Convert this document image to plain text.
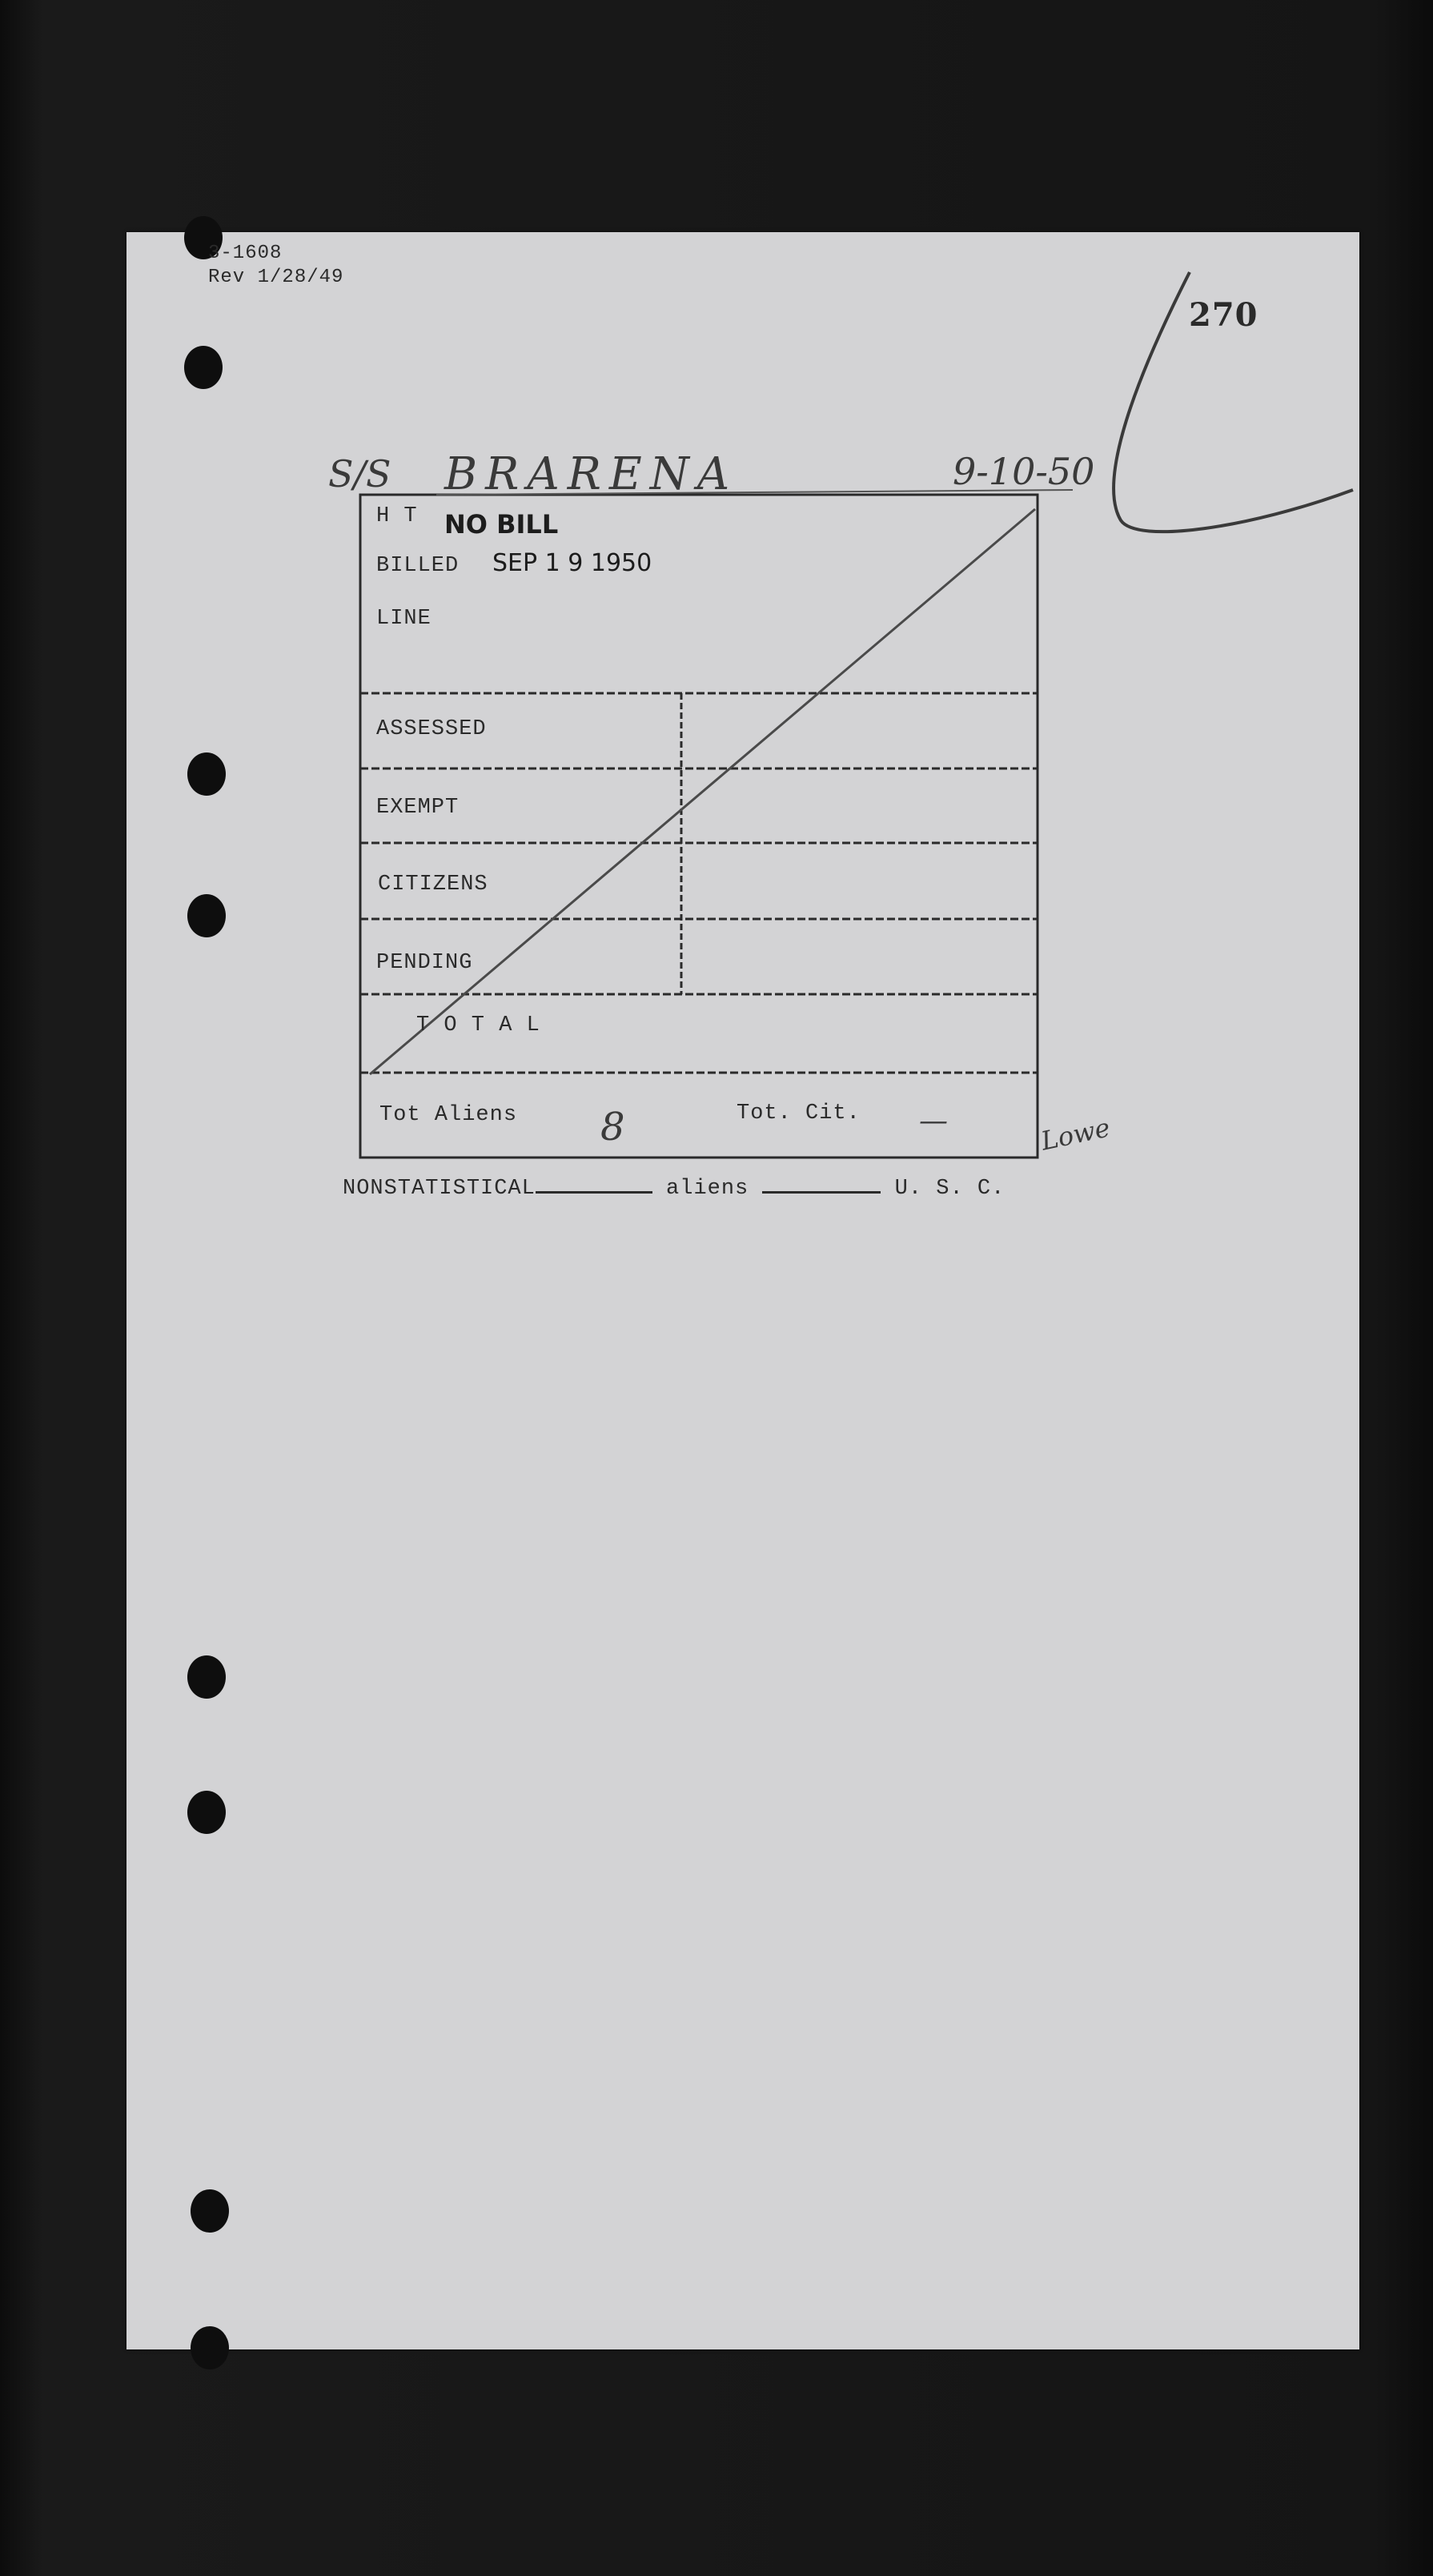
3-1608
Rev 1/28/49
270
S/S BRARENA	9-10-50
H T NO BILL
BILLED SEP 1 9 1950
LINE
ASSESSED
EXEMPT
CITIZENS
PENDING
T O T A L
Tot Aliens 8	Tot. Cit. —	Lowe
NONSTATISTICAL	aliens	U. S. C.
